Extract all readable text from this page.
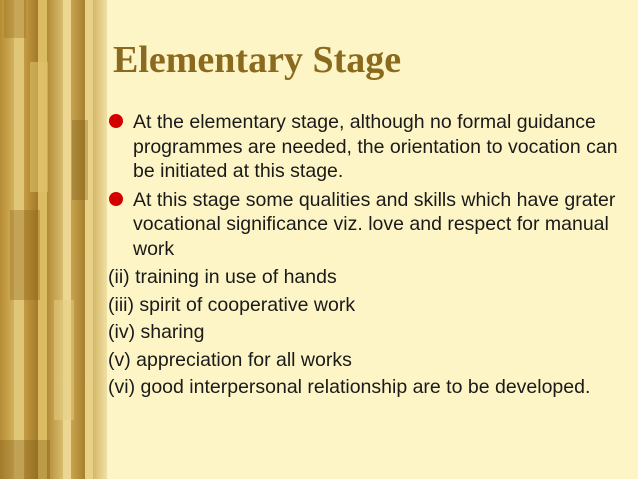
Elementary Stage
At the elementary stage, although no formal guidance programmes are needed, the orientation to vocation can be initiated at this stage.
At this stage some qualities and skills which have grater vocational significance viz. love and respect for manual work
(ii) training in use of hands
(iii) spirit of cooperative work
(iv) sharing
(v) appreciation for all works
(vi) good interpersonal relationship are to be developed.
